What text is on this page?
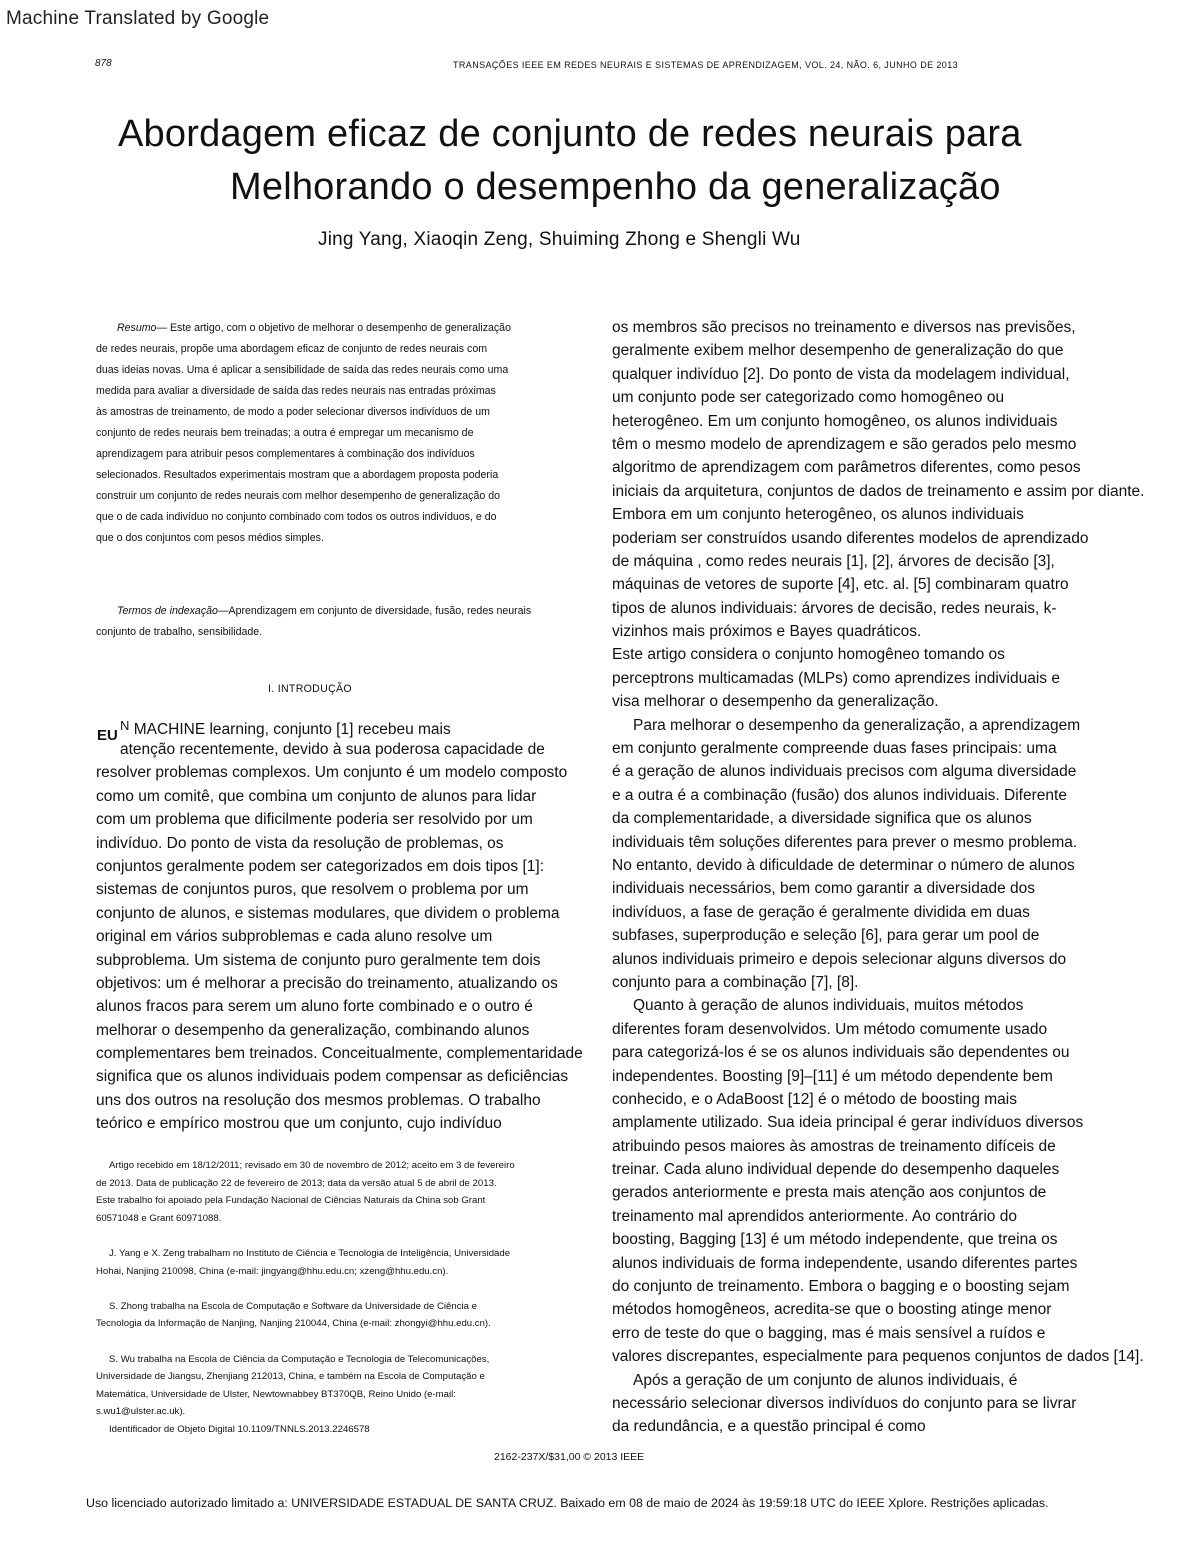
Machine Translated by Google
878	TRANSAÇÕES IEEE EM REDES NEURAIS E SISTEMAS DE APRENDIZAGEM, VOL. 24, NÃO. 6, JUNHO DE 2013
Abordagem eficaz de conjunto de redes neurais para
Melhorando o desempenho da generalização
Jing Yang, Xiaoqin Zeng, Shuiming Zhong e Shengli Wu
Resumo— Este artigo, com o objetivo de melhorar o desempenho de generalização
de redes neurais, propõe uma abordagem eficaz de conjunto de redes neurais com
duas ideias novas. Uma é aplicar a sensibilidade de saída das redes neurais como uma
medida para avaliar a diversidade de saída das redes neurais nas entradas próximas
às amostras de treinamento, de modo a poder selecionar diversos indivíduos de um
conjunto de redes neurais bem treinadas; a outra é empregar um mecanismo de
aprendizagem para atribuir pesos complementares à combinação dos indivíduos
selecionados. Resultados experimentais mostram que a abordagem proposta poderia
construir um conjunto de redes neurais com melhor desempenho de generalização do
que o de cada indivíduo no conjunto combinado com todos os outros indivíduos, e do
que o dos conjuntos com pesos médios simples.
Termos de indexação—Aprendizagem em conjunto de diversidade, fusão, redes neurais
conjunto de trabalho, sensibilidade.
I. INTRODUÇÃO
EU
$^N$ MACHINE learning, conjunto [1] recebeu mais
atenção recentemente, devido à sua poderosa capacidade de
resolver problemas complexos. Um conjunto é um modelo composto
como um comitê, que combina um conjunto de alunos para lidar
com um problema que dificilmente poderia ser resolvido por um
indivíduo. Do ponto de vista da resolução de problemas, os
conjuntos geralmente podem ser categorizados em dois tipos [1]:
sistemas de conjuntos puros, que resolvem o problema por um
conjunto de alunos, e sistemas modulares, que dividem o problema
original em vários subproblemas e cada aluno resolve um
subproblema. Um sistema de conjunto puro geralmente tem dois
objetivos: um é melhorar a precisão do treinamento, atualizando os
alunos fracos para serem um aluno forte combinado e o outro é
melhorar o desempenho da generalização, combinando alunos
complementares bem treinados. Conceitualmente, complementaridade
significa que os alunos individuais podem compensar as deficiências
uns dos outros na resolução dos mesmos problemas. O trabalho
teórico e empírico mostrou que um conjunto, cujo indivíduo
os membros são precisos no treinamento e diversos nas previsões,
geralmente exibem melhor desempenho de generalização do que
qualquer indivíduo [2]. Do ponto de vista da modelagem individual,
um conjunto pode ser categorizado como homogêneo ou
heterogêneo. Em um conjunto homogêneo, os alunos individuais
têm o mesmo modelo de aprendizagem e são gerados pelo mesmo
algoritmo de aprendizagem com parâmetros diferentes, como pesos
iniciais da arquitetura, conjuntos de dados de treinamento e assim por diante.
Embora em um conjunto heterogêneo, os alunos individuais
poderiam ser construídos usando diferentes modelos de aprendizado
de máquina , como redes neurais [1], [2], árvores de decisão [3],
máquinas de vetores de suporte [4], etc. al. [5] combinaram quatro
tipos de alunos individuais: árvores de decisão, redes neurais, k-
vizinhos mais próximos e Bayes quadráticos.
Este artigo considera o conjunto homogêneo tomando os
perceptrons multicamadas (MLPs) como aprendizes individuais e
visa melhorar o desempenho da generalização.
Para melhorar o desempenho da generalização, a aprendizagem
em conjunto geralmente compreende duas fases principais: uma
é a geração de alunos individuais precisos com alguma diversidade
e a outra é a combinação (fusão) dos alunos individuais. Diferente
da complementaridade, a diversidade significa que os alunos
individuais têm soluções diferentes para prever o mesmo problema.
No entanto, devido à dificuldade de determinar o número de alunos
individuais necessários, bem como garantir a diversidade dos
indivíduos, a fase de geração é geralmente dividida em duas
subfases, superprodução e seleção [6], para gerar um pool de
alunos individuais primeiro e depois selecionar alguns diversos do
conjunto para a combinação [7], [8].
Quanto à geração de alunos individuais, muitos métodos
diferentes foram desenvolvidos. Um método comumente usado
para categorizá-los é se os alunos individuais são dependentes ou
independentes. Boosting [9]–[11] é um método dependente bem
conhecido, e o AdaBoost [12] é o método de boosting mais
amplamente utilizado. Sua ideia principal é gerar indivíduos diversos
atribuindo pesos maiores às amostras de treinamento difíceis de
treinar. Cada aluno individual depende do desempenho daqueles
gerados anteriormente e presta mais atenção aos conjuntos de
treinamento mal aprendidos anteriormente. Ao contrário do
boosting, Bagging [13] é um método independente, que treina os
alunos individuais de forma independente, usando diferentes partes
do conjunto de treinamento. Embora o bagging e o boosting sejam
métodos homogêneos, acredita-se que o boosting atinge menor
erro de teste do que o bagging, mas é mais sensível a ruídos e
valores discrepantes, especialmente para pequenos conjuntos de dados [14].
Após a geração de um conjunto de alunos individuais, é
necessário selecionar diversos indivíduos do conjunto para se livrar
da redundância, e a questão principal é como
Artigo recebido em 18/12/2011; revisado em 30 de novembro de 2012; aceito em 3 de fevereiro
de 2013. Data de publicação 22 de fevereiro de 2013; data da versão atual 5 de abril de 2013.
Este trabalho foi apoiado pela Fundação Nacional de Ciências Naturais da China sob Grant
60571048 e Grant 60971088.
J. Yang e X. Zeng trabalham no Instituto de Ciência e Tecnologia de Inteligência, Universidade
Hohai, Nanjing 210098, China (e-mail: jingyang@hhu.edu.cn; xzeng@hhu.edu.cn).
S. Zhong trabalha na Escola de Computação e Software da Universidade de Ciência e
Tecnologia da Informação de Nanjing, Nanjing 210044, China (e-mail: zhongyi@hhu.edu.cn).
S. Wu trabalha na Escola de Ciência da Computação e Tecnologia de Telecomunicações,
Universidade de Jiangsu, Zhenjiang 212013, China, e também na Escola de Computação e
Matemática, Universidade de Ulster, Newtownabbey BT370QB, Reino Unido (e-mail:
s.wu1@ulster.ac.uk).
Identificador de Objeto Digital 10.1109/TNNLS.2013.2246578
2162-237X/$31,00 © 2013 IEEE
Uso licenciado autorizado limitado a: UNIVERSIDADE ESTADUAL DE SANTA CRUZ. Baixado em 08 de maio de 2024 às 19:59:18 UTC do IEEE Xplore. Restrições aplicadas.
